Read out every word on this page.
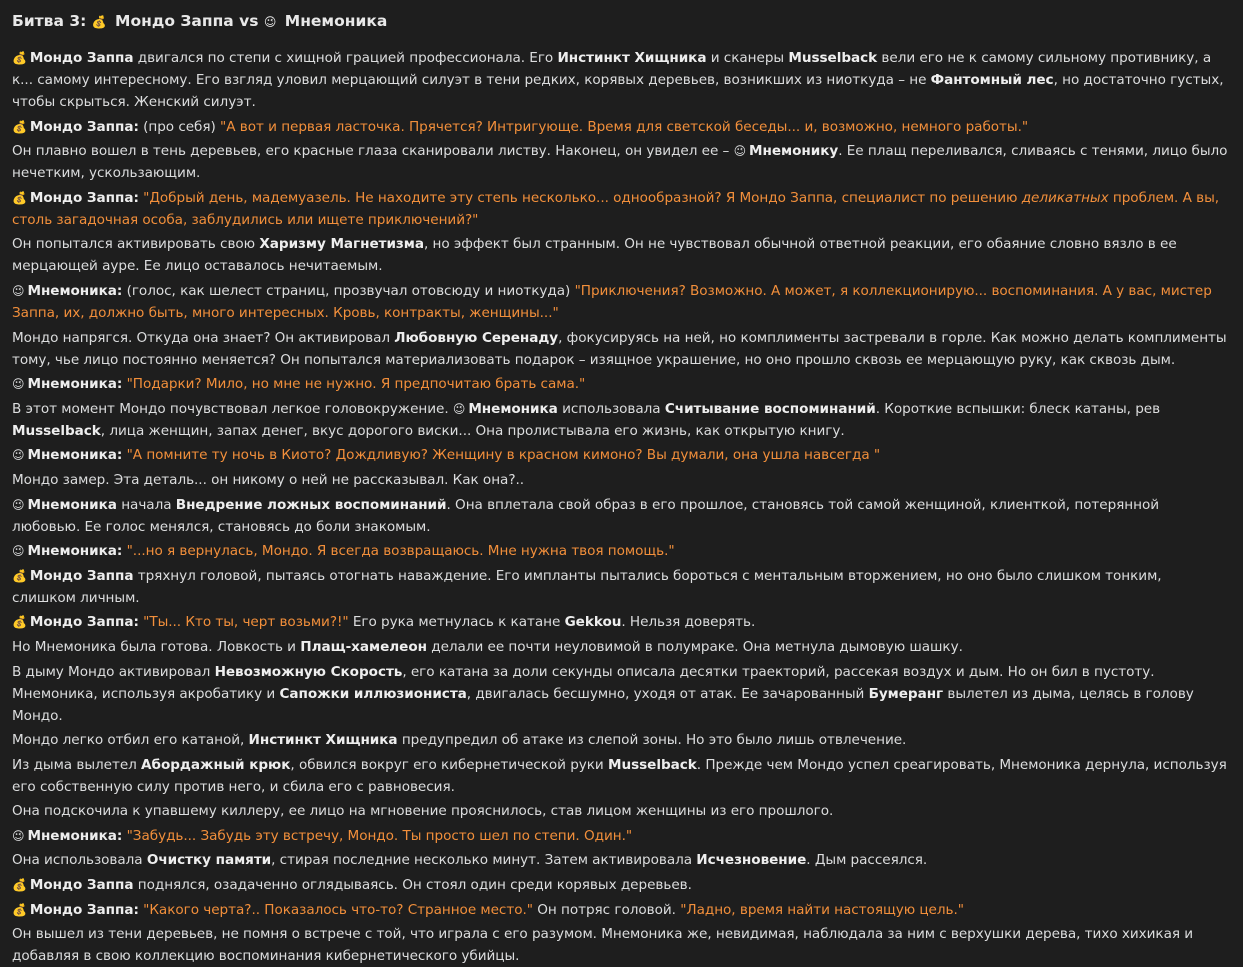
Битва 3: 💰 Мондо Заппа vs 😉 Мнемоника
💰 Мондо Заппа двигался по степи с хищной грацией профессионала. Его Инстинкт Хищника и сканеры Musselback вели его не к самому сильному противнику, а к... самому интересному. Его взгляд уловил мерцающий силуэт в тени редких, корявых деревьев, возникших из ниоткуда – не Фантомный лес, но достаточно густых, чтобы скрыться. Женский силуэт.
💰 Мондо Заппа: (про себя) "А вот и первая ласточка. Прячется? Интригующе. Время для светской беседы... и, возможно, немного работы."
Он плавно вошел в тень деревьев, его красные глаза сканировали листву. Наконец, он увидел ее – 😉 Мнемонику. Ее плащ переливался, сливаясь с тенями, лицо было нечетким, ускользающим.
💰 Мондо Заппа: "Добрый день, мадемуазель. Не находите эту степь несколько... однообразной? Я Мондо Заппа, специалист по решению деликатных проблем. А вы, столь загадочная особа, заблудились или ищете приключений?"
Он попытался активировать свою Харизму Магнетизма, но эффект был странным. Он не чувствовал обычной ответной реакции, его обаяние словно вязло в ее мерцающей ауре. Ее лицо оставалось нечитаемым.
😉 Мнемоника: (голос, как шелест страниц, прозвучал отовсюду и ниоткуда) "Приключения? Возможно. А может, я коллекционирую... воспоминания. А у вас, мистер Заппа, их, должно быть, много интересных. Кровь, контракты, женщины..."
Мондо напрягся. Откуда она знает? Он активировал Любовную Серенаду, фокусируясь на ней, но комплименты застревали в горле. Как можно делать комплименты тому, чье лицо постоянно меняется? Он попытался материализовать подарок – изящное украшение, но оно прошло сквозь ее мерцающую руку, как сквозь дым.
😉 Мнемоника: "Подарки? Мило, но мне не нужно. Я предпочитаю брать сама."
В этот момент Мондо почувствовал легкое головокружение. 😉 Мнемоника использовала Считывание воспоминаний. Короткие вспышки: блеск катаны, рев Musselback, лица женщин, запах денег, вкус дорогого виски... Она пролистывала его жизнь, как открытую книгу.
😉 Мнемоника: "А помните ту ночь в Киото? Дождливую? Женщину в красном кимоно? Вы думали, она ушла навсегда "
Мондо замер. Эта деталь... он никому о ней не рассказывал. Как она?..
😉 Мнемоника начала Внедрение ложных воспоминаний. Она вплетала свой образ в его прошлое, становясь той самой женщиной, клиенткой, потерянной любовью. Ее голос менялся, становясь до боли знакомым.
😉 Мнемоника: "...но я вернулась, Мондо. Я всегда возвращаюсь. Мне нужна твоя помощь."
💰 Мондо Заппа тряхнул головой, пытаясь отогнать наваждение. Его импланты пытались бороться с ментальным вторжением, но оно было слишком тонким, слишком личным.
💰 Мондо Заппа: "Ты... Кто ты, черт возьми?!" Его рука метнулась к катане Gekkou. Нельзя доверять.
Но Мнемоника была готова. Ловкость и Плащ-хамелеон делали ее почти неуловимой в полумраке. Она метнула дымовую шашку.
В дыму Мондо активировал Невозможную Скорость, его катана за доли секунды описала десятки траекторий, рассекая воздух и дым. Но он бил в пустоту. Мнемоника, используя акробатику и Сапожки иллюзиониста, двигалась бесшумно, уходя от атак. Ее зачарованный Бумеранг вылетел из дыма, целясь в голову Мондо.
Мондо легко отбил его катаной, Инстинкт Хищника предупредил об атаке из слепой зоны. Но это было лишь отвлечение.
Из дыма вылетел Абордажный крюк, обвился вокруг его кибернетической руки Musselback. Прежде чем Мондо успел среагировать, Мнемоника дернула, используя его собственную силу против него, и сбила его с равновесия.
Она подскочила к упавшему киллеру, ее лицо на мгновение прояснилось, став лицом женщины из его прошлого.
😉 Мнемоника: "Забудь... Забудь эту встречу, Мондо. Ты просто шел по степи. Один."
Она использовала Очистку памяти, стирая последние несколько минут. Затем активировала Исчезновение. Дым рассеялся.
💰 Мондо Заппа поднялся, озадаченно оглядываясь. Он стоял один среди корявых деревьев.
💰 Мондо Заппа: "Какого черта?.. Показалось что-то? Странное место." Он потряс головой. "Ладно, время найти настоящую цель."
Он вышел из тени деревьев, не помня о встрече с той, что играла с его разумом. Мнемоника же, невидимая, наблюдала за ним с верхушки дерева, тихо хихикая и добавляя в свою коллекцию воспоминания кибернетического убийцы.
